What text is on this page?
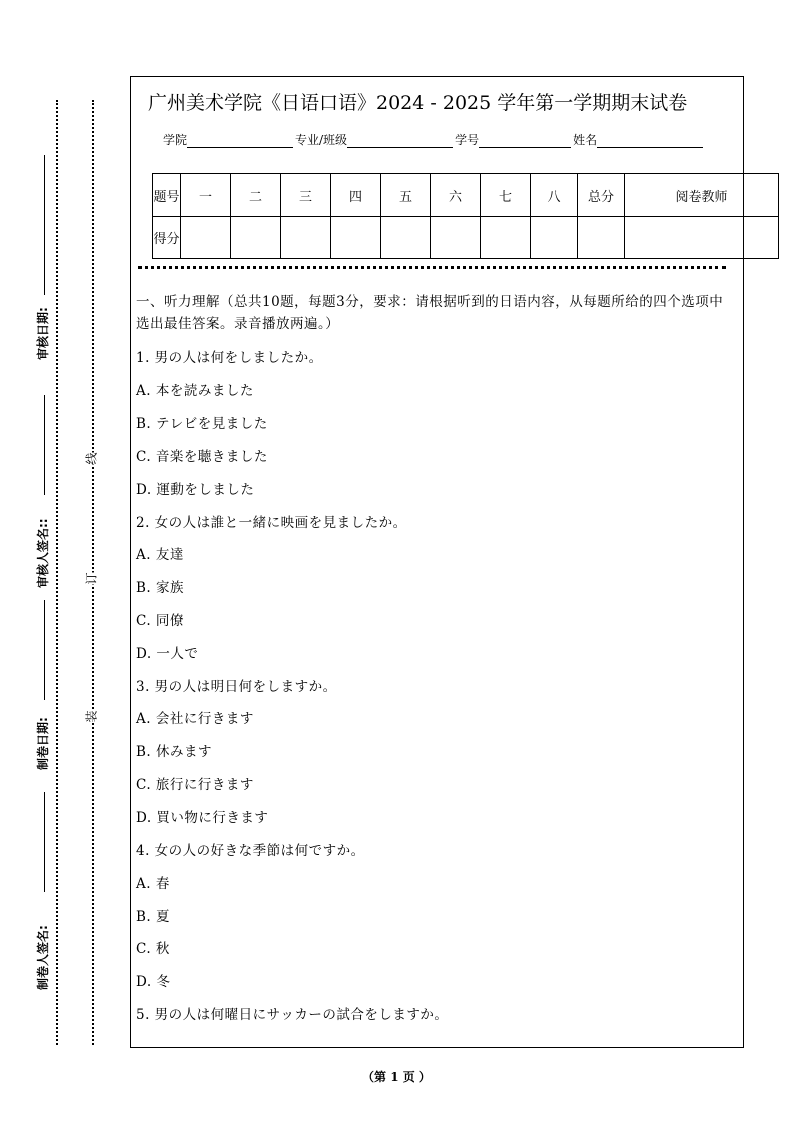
审核日期:
审核人签名::
制卷日期:
制卷人签名:
线
订
装
广州美术学院《日语口语》2024 - 2025 学年第一学期期末试卷
学院	专业/班级	学号	姓名
题号	一	二	三	四	五	六	七	八	总分	阅卷教师
得分										
一、听力理解（总共10题，每题3分，要求：请根据听到的日语内容，从每题所给的四个选项中选出最佳答案。录音播放两遍。）
1. 男の人は何をしましたか。
A. 本を読みました
B. テレビを見ました
C. 音楽を聴きました
D. 運動をしました
2. 女の人は誰と一緒に映画を見ましたか。
A. 友達
B. 家族
C. 同僚
D. 一人で
3. 男の人は明日何をしますか。
A. 会社に行きます
B. 休みます
C. 旅行に行きます
D. 買い物に行きます
4. 女の人の好きな季節は何ですか。
A. 春
B. 夏
C. 秋
D. 冬
5. 男の人は何曜日にサッカーの試合をしますか。
（第 1 页 ）
